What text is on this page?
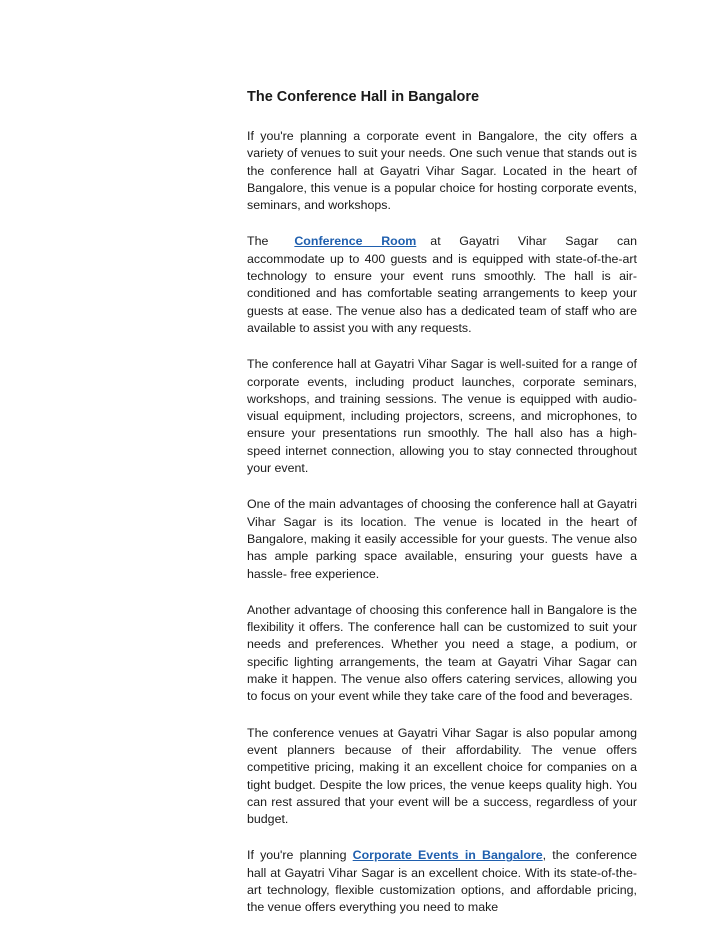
The Conference Hall in Bangalore

If you're planning a corporate event in Bangalore, the city offers a variety of venues to suit your needs. One such venue that stands out is the conference hall at Gayatri Vihar Sagar. Located in the heart of Bangalore, this venue is a popular choice for hosting corporate events, seminars, and workshops.

The Conference Room at Gayatri Vihar Sagar can accommodate up to 400 guests and is equipped with state-of-the-art technology to ensure your event runs smoothly. The hall is air- conditioned and has comfortable seating arrangements to keep your guests at ease. The venue also has a dedicated team of staff who are available to assist you with any requests.

The conference hall at Gayatri Vihar Sagar is well-suited for a range of corporate events, including product launches, corporate seminars, workshops, and training sessions. The venue is equipped with audio-visual equipment, including projectors, screens, and microphones, to ensure your presentations run smoothly. The hall also has a high-speed internet connection, allowing you to stay connected throughout your event.

One of the main advantages of choosing the conference hall at Gayatri Vihar Sagar is its location. The venue is located in the heart of Bangalore, making it easily accessible for your guests. The venue also has ample parking space available, ensuring your guests have a hassle- free experience.

Another advantage of choosing this conference hall in Bangalore is the flexibility it offers. The conference hall can be customized to suit your needs and preferences. Whether you need a stage, a podium, or specific lighting arrangements, the team at Gayatri Vihar Sagar can make it happen. The venue also offers catering services, allowing you to focus on your event while they take care of the food and beverages.

The conference venues at Gayatri Vihar Sagar is also popular among event planners because of their affordability. The venue offers competitive pricing, making it an excellent choice for companies on a tight budget. Despite the low prices, the venue keeps quality high. You can rest assured that your event will be a success, regardless of your budget.

If you're planning Corporate Events in Bangalore, the conference hall at Gayatri Vihar Sagar is an excellent choice. With its state-of-the-art technology, flexible customization options, and affordable pricing, the venue offers everything you need to make
